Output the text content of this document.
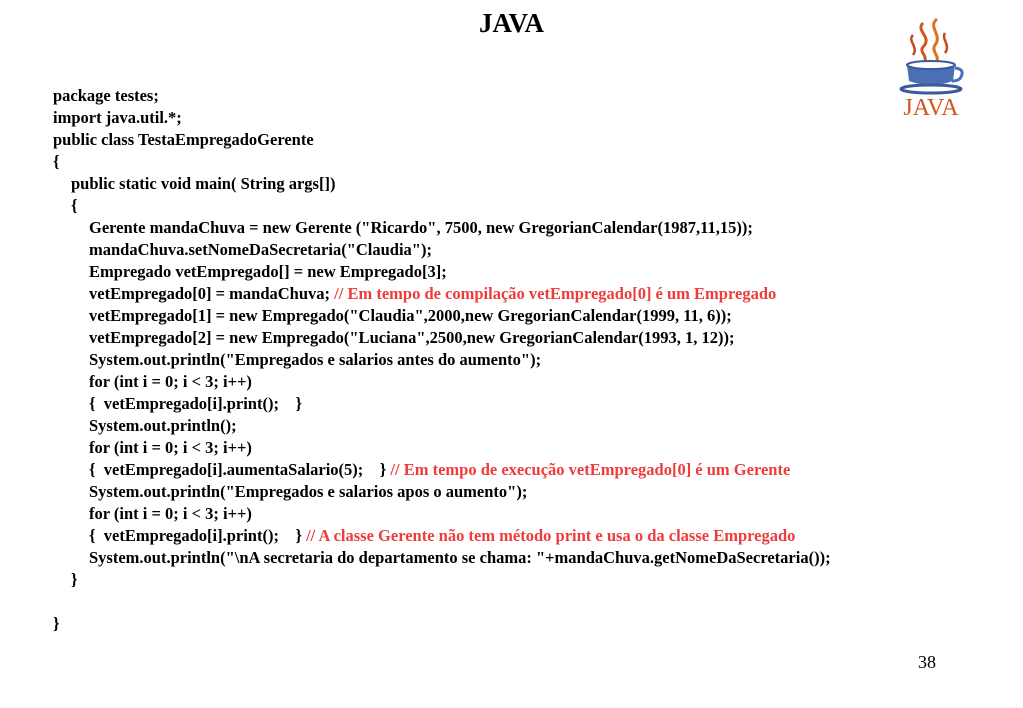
JAVA
JAVA
package testes;
import java.util.*;
public class TestaEmpregadoGerente
{
public static void main( String args[])
{
Gerente mandaChuva = new Gerente ("Ricardo", 7500, new GregorianCalendar(1987,11,15));
mandaChuva.setNomeDaSecretaria("Claudia");
Empregado vetEmpregado[] = new Empregado[3];
vetEmpregado[0] = mandaChuva; // Em tempo de compilação vetEmpregado[0] é um Empregado
vetEmpregado[1] = new Empregado("Claudia",2000,new GregorianCalendar(1999, 11, 6));
vetEmpregado[2] = new Empregado("Luciana",2500,new GregorianCalendar(1993, 1, 12));
System.out.println("Empregados e salarios antes do aumento");
for (int i = 0; i < 3; i++)
{  vetEmpregado[i].print();    }
System.out.println();
for (int i = 0; i < 3; i++)
{  vetEmpregado[i].aumentaSalario(5);    } // Em tempo de execução vetEmpregado[0] é um Gerente
System.out.println("Empregados e salarios apos o aumento");
for (int i = 0; i < 3; i++)
{  vetEmpregado[i].print();    } // A classe Gerente não tem método print e usa o da classe Empregado
System.out.println("\nA secretaria do departamento se chama: "+mandaChuva.getNomeDaSecretaria());
}
}
38
